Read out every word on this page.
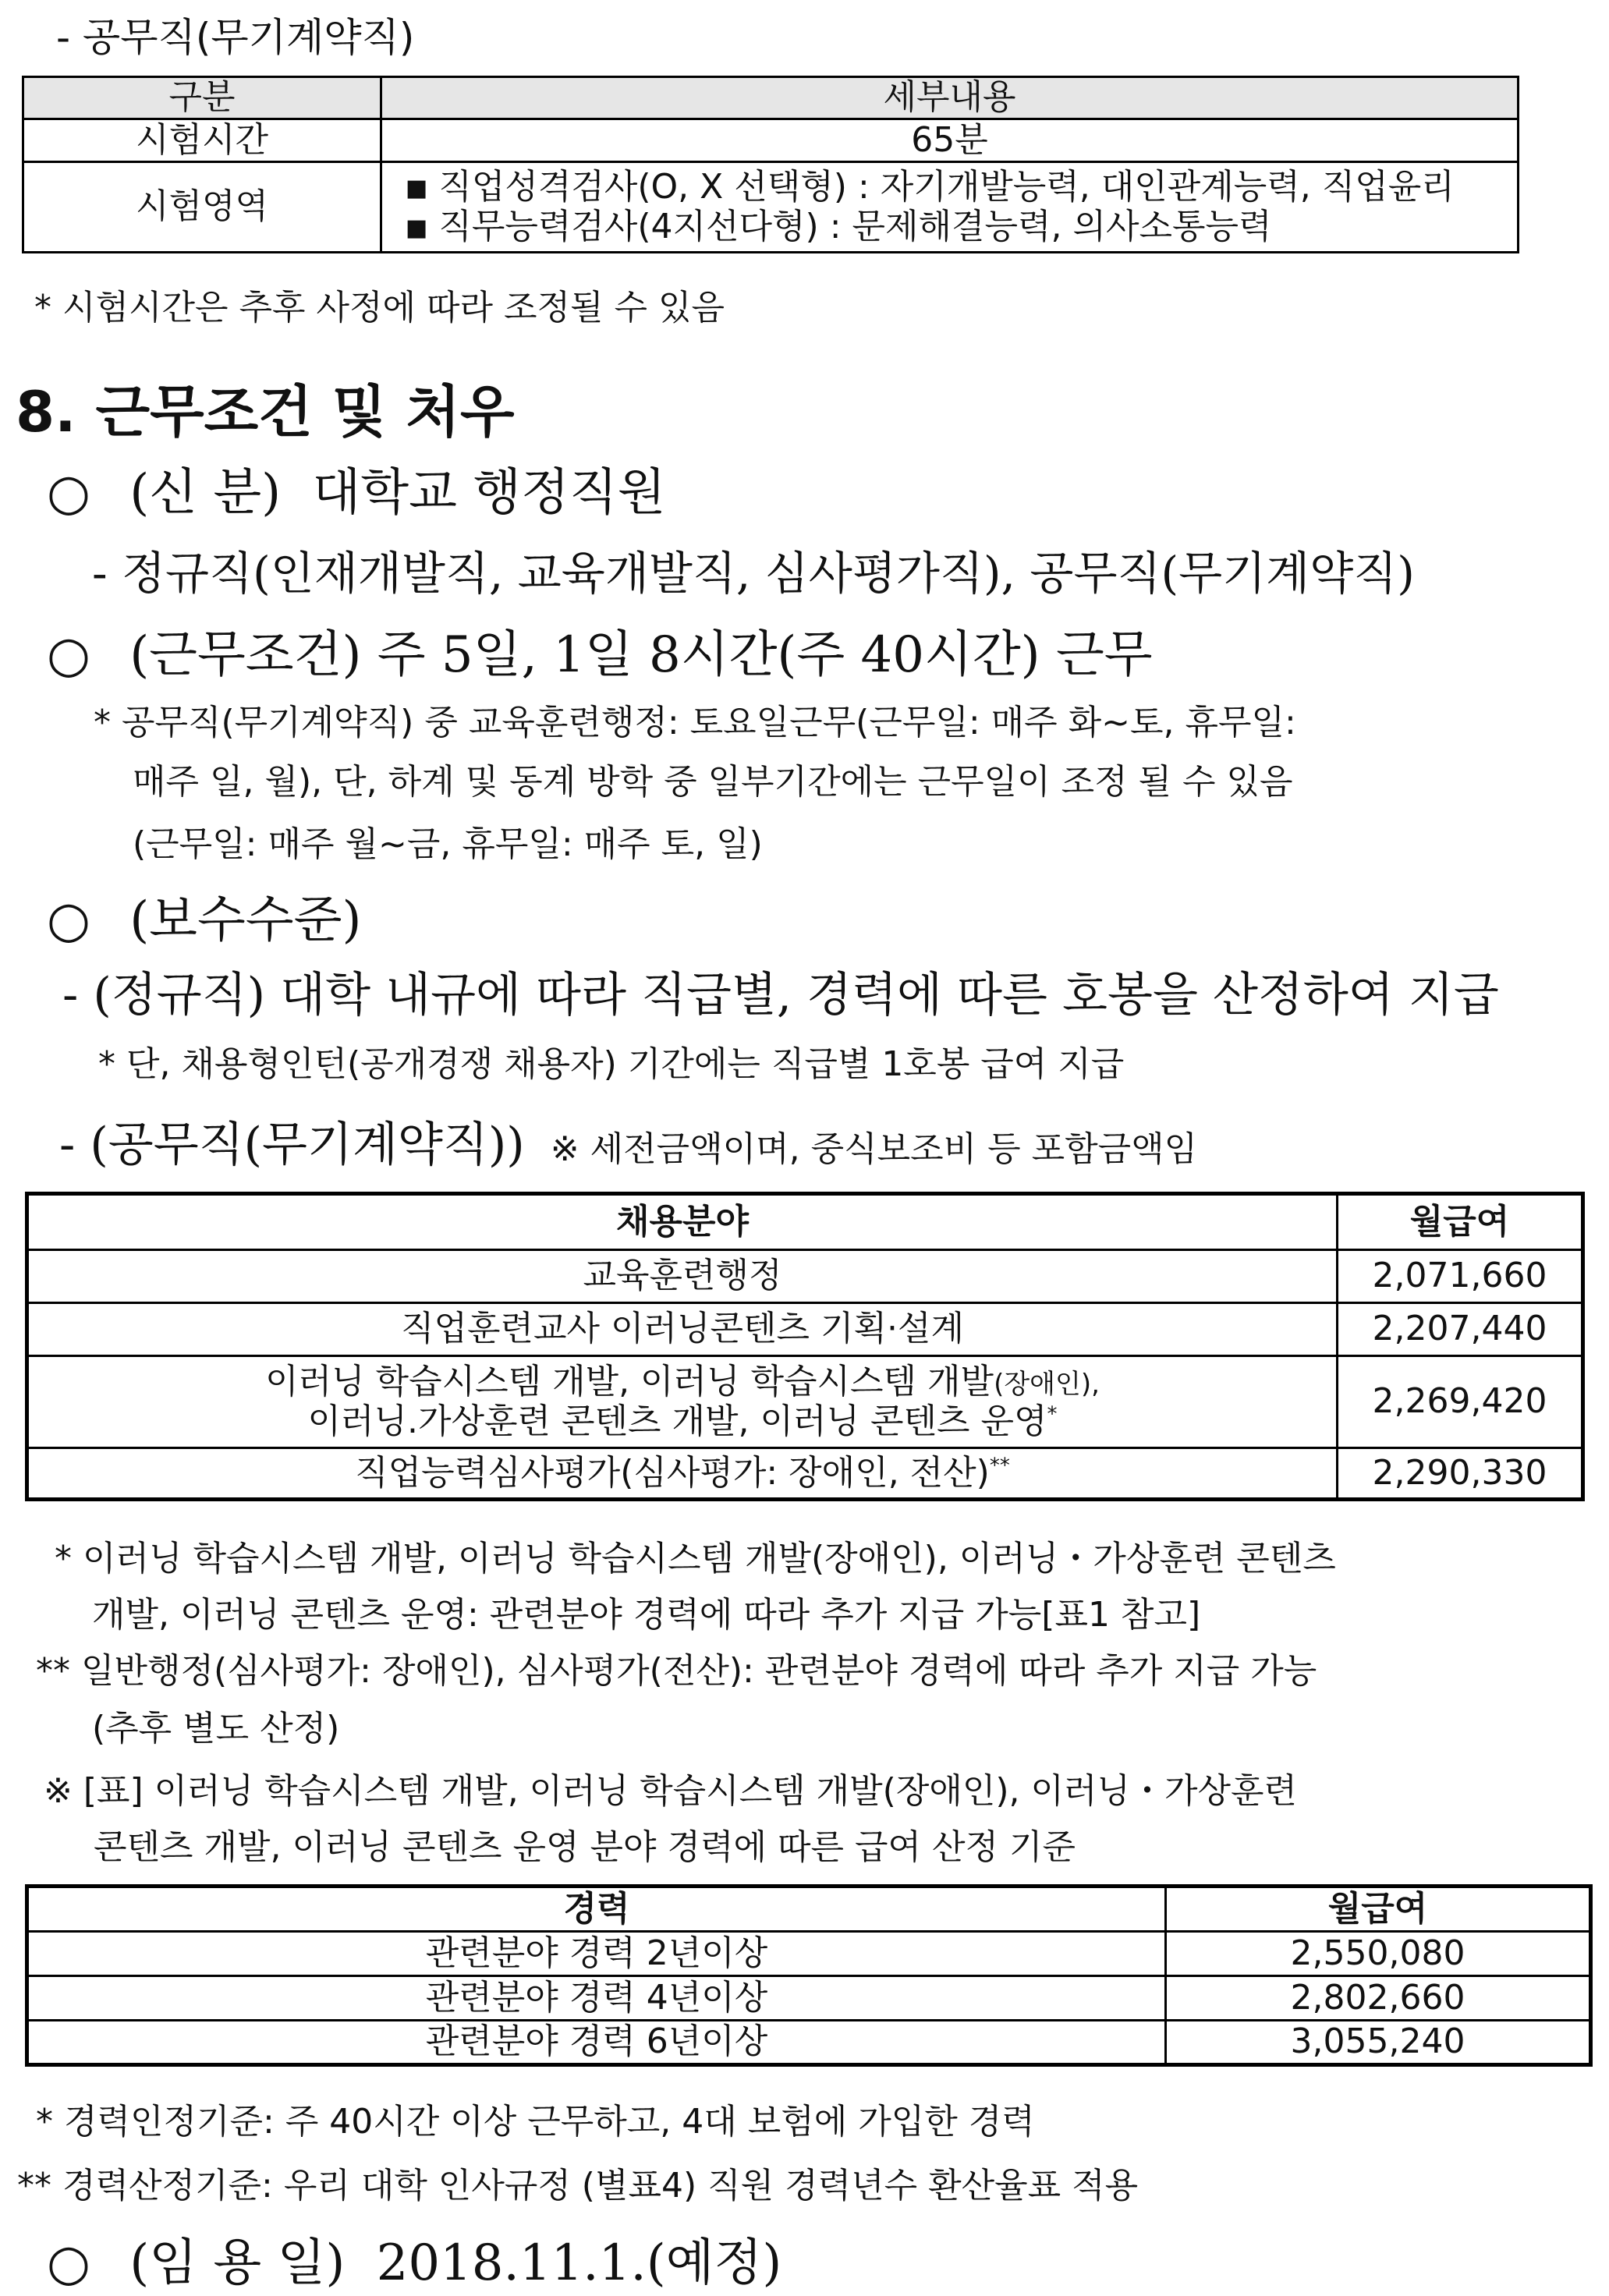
- 공무직(무기계약직)
구분	세부내용
시험시간	65분
시험영역	■ 직업성격검사(O, X 선택형) : 자기개발능력, 대인관계능력, 직업윤리
■ 직무능력검사(4지선다형) : 문제해결능력, 의사소통능력
* 시험시간은 추후 사정에 따라 조정될 수 있음
8. 근무조건 및 처우
○ (신 분) 대학교 행정직원
- 정규직(인재개발직, 교육개발직, 심사평가직), 공무직(무기계약직)
○ (근무조건) 주 5일, 1일 8시간(주 40시간) 근무
* 공무직(무기계약직) 중 교육훈련행정: 토요일근무(근무일: 매주 화~토, 휴무일:
매주 일, 월), 단, 하계 및 동계 방학 중 일부기간에는 근무일이 조정 될 수 있음
(근무일: 매주 월~금, 휴무일: 매주 토, 일)
○ (보수수준)
- (정규직) 대학 내규에 따라 직급별, 경력에 따른 호봉을 산정하여 지급
* 단, 채용형인턴(공개경쟁 채용자) 기간에는 직급별 1호봉 급여 지급
- (공무직(무기계약직)) ※ 세전금액이며, 중식보조비 등 포함금액임
채용분야	월급여
교육훈련행정	2,071,660
직업훈련교사 이러닝콘텐츠 기획·설계	2,207,440

이러닝 학습시스템 개발, 이러닝 학습시스템 개발(장애인),
이러닝.가상훈련 콘텐츠 개발, 이러닝 콘텐츠 운영*	2,269,420
직업능력심사평가(심사평가: 장애인, 전산)**	2,290,330
* 이러닝 학습시스템 개발, 이러닝 학습시스템 개발(장애인), 이러닝・가상훈련 콘텐츠
개발, 이러닝 콘텐츠 운영: 관련분야 경력에 따라 추가 지급 가능[표1 참고]
** 일반행정(심사평가: 장애인), 심사평가(전산): 관련분야 경력에 따라 추가 지급 가능
(추후 별도 산정)
※ [표] 이러닝 학습시스템 개발, 이러닝 학습시스템 개발(장애인), 이러닝・가상훈련
콘텐츠 개발, 이러닝 콘텐츠 운영 분야 경력에 따른 급여 산정 기준
경력	월급여
관련분야 경력 2년이상	2,550,080
관련분야 경력 4년이상	2,802,660
관련분야 경력 6년이상	3,055,240
* 경력인정기준: 주 40시간 이상 근무하고, 4대 보험에 가입한 경력
** 경력산정기준: 우리 대학 인사규정 (별표4) 직원 경력년수 환산율표 적용
○ (임 용 일) 2018.11.1.(예정)
